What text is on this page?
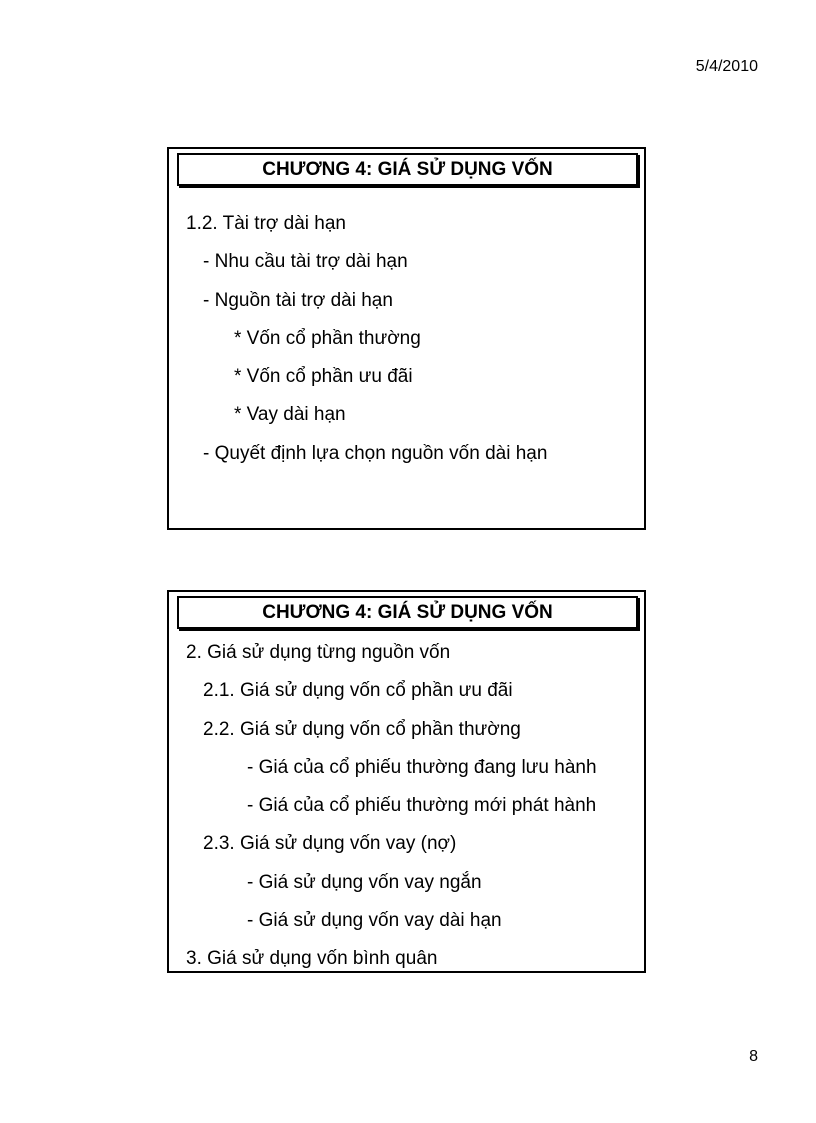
5/4/2010
CHƯƠNG 4: GIÁ SỬ DỤNG VỐN
1.2. Tài trợ dài hạn
- Nhu cầu tài trợ dài hạn
- Nguồn tài trợ dài hạn
* Vốn cổ phần thường
* Vốn cổ phần ưu đãi
* Vay dài hạn
- Quyết định lựa chọn nguồn vốn dài hạn
CHƯƠNG 4: GIÁ SỬ DỤNG VỐN
2. Giá sử dụng từng nguồn vốn
2.1. Giá sử dụng vốn cổ phần ưu đãi
2.2. Giá sử dụng vốn cổ phần thường
- Giá của cổ phiếu thường đang lưu hành
- Giá của cổ phiếu thường mới phát hành
2.3. Giá sử dụng vốn vay (nợ)
- Giá sử dụng vốn vay ngắn
- Giá sử dụng vốn vay dài hạn
3. Giá sử dụng vốn bình quân
8
